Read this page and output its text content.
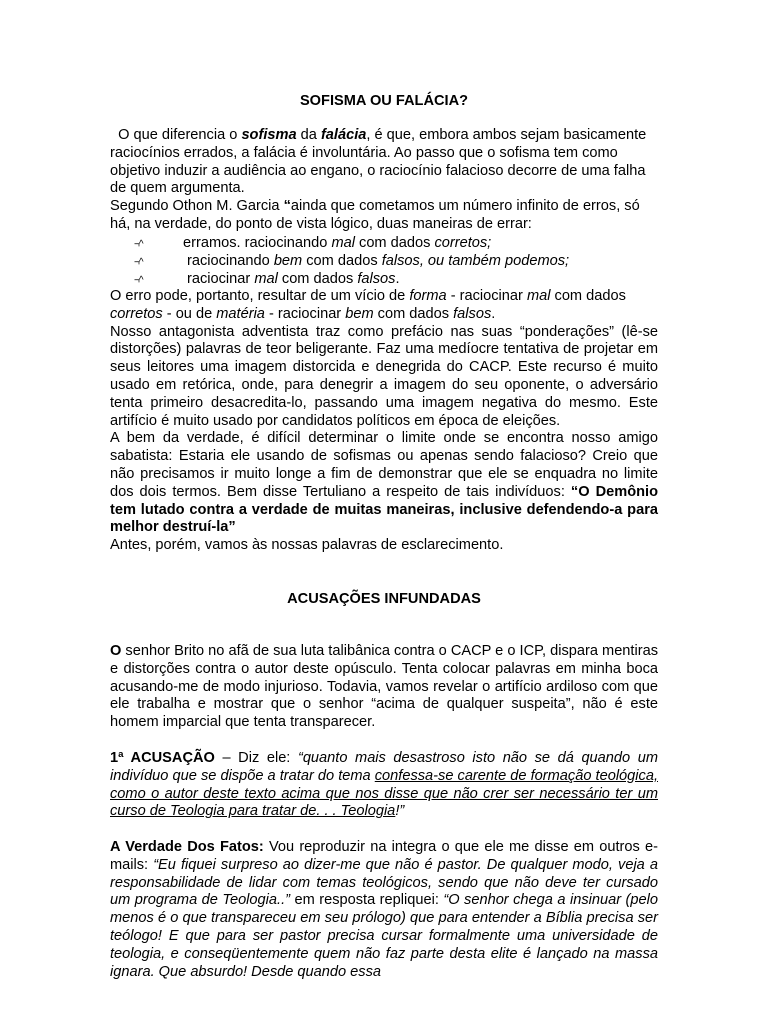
SOFISMA OU FALÁCIA?

O que diferencia o sofisma da falácia, é que, embora ambos sejam basicamente raciocínios errados, a falácia é involuntária. Ao passo que o sofisma tem como objetivo induzir a audiência ao engano, o raciocínio falacioso decorre de uma falha de quem argumenta.

Segundo Othon M. Garcia “ainda que cometamos um número infinito de erros, só há, na verdade, do ponto de vista lógico, duas maneiras de errar:

¬^	erramos. raciocinando mal com dados corretos;
¬^	raciocinando bem com dados falsos, ou também podemos;
¬^	raciocinar mal com dados falsos.

O erro pode, portanto, resultar de um vício de forma - raciocinar mal com dados corretos - ou de matéria - raciocinar bem com dados falsos.

Nosso antagonista adventista traz como prefácio nas suas “ponderações” (lê-se distorções) palavras de teor beligerante. Faz uma medíocre tentativa de projetar em seus leitores uma imagem distorcida e denegrida do CACP. Este recurso é muito usado em retórica, onde, para denegrir a imagem do seu oponente, o adversário tenta primeiro desacredita-lo, passando uma imagem negativa do mesmo. Este artifício é muito usado por candidatos políticos em época de eleições.

A bem da verdade, é difícil determinar o limite onde se encontra nosso amigo sabatista: Estaria ele usando de sofismas ou apenas sendo falacioso? Creio que não precisamos ir muito longe a fim de demonstrar que ele se enquadra no limite dos dois termos. Bem disse Tertuliano a respeito de tais indivíduos: “O Demônio tem lutado contra a verdade de muitas maneiras, inclusive defendendo-a para melhor destruí-la”

Antes, porém, vamos às nossas palavras de esclarecimento.

ACUSAÇÕES INFUNDADAS

O senhor Brito no afã de sua luta talibânica contra o CACP e o ICP, dispara mentiras e distorções contra o autor deste opúsculo. Tenta colocar palavras em minha boca acusando-me de modo injurioso. Todavia, vamos revelar o artifício ardiloso com que ele trabalha e mostrar que o senhor “acima de qualquer suspeita”, não é este homem imparcial que tenta transparecer.

1ª ACUSAÇÃO – Diz ele: “quanto mais desastroso isto não se dá quando um indivíduo que se dispõe a tratar do tema confessa-se carente de formação teológica, como o autor deste texto acima que nos disse que não crer ser necessário ter um curso de Teologia para tratar de. . . Teologia!”

A Verdade Dos Fatos: Vou reproduzir na integra o que ele me disse em outros e-mails: “Eu fiquei surpreso ao dizer-me que não é pastor. De qualquer modo, veja a responsabilidade de lidar com temas teológicos, sendo que não deve ter cursado um programa de Teologia..” em resposta repliquei: “O senhor chega a insinuar (pelo menos é o que transpareceu em seu prólogo) que para entender a Bíblia precisa ser teólogo! E que para ser pastor precisa cursar formalmente uma universidade de teologia, e conseqüentemente quem não faz parte desta elite é lançado na massa ignara. Que absurdo! Desde quando essa
